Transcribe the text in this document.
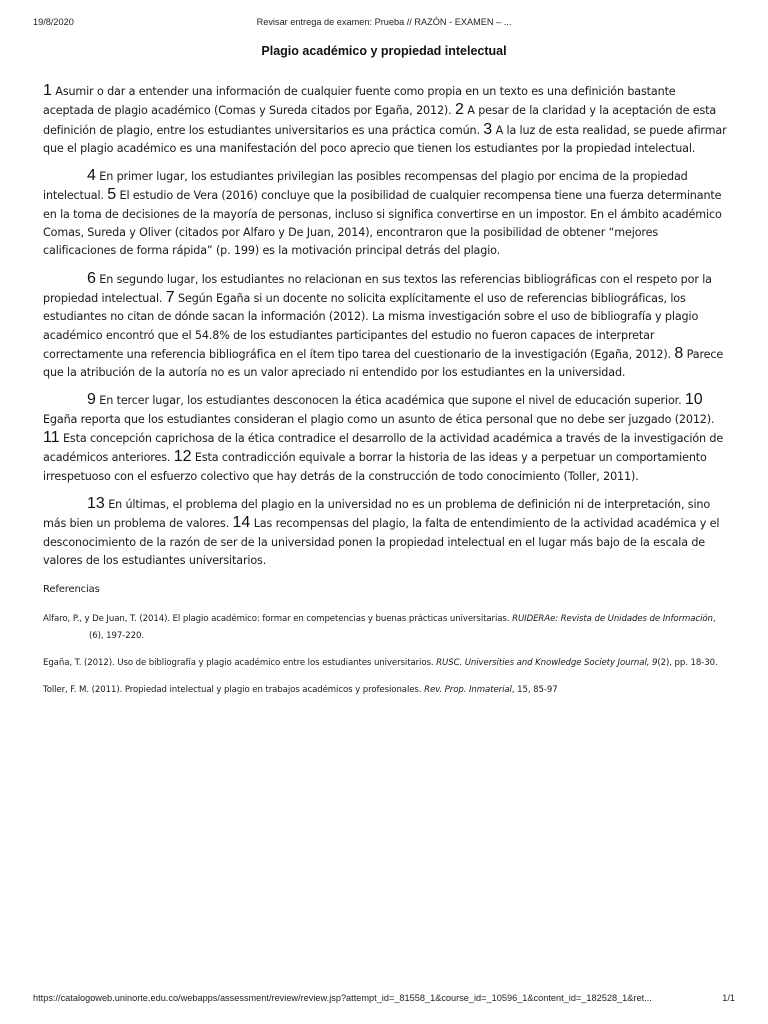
19/8/2020	Revisar entrega de examen: Prueba // RAZÓN - EXAMEN – ...
Plagio académico y propiedad intelectual

1 Asumir o dar a entender una información de cualquier fuente como propia en un texto es una definición bastante aceptada de plagio académico (Comas y Sureda citados por Egaña, 2012). 2 A pesar de la claridad y la aceptación de esta definición de plagio, entre los estudiantes universitarios es una práctica común. 3 A la luz de esta realidad, se puede afirmar que el plagio académico es una manifestación del poco aprecio que tienen los estudiantes por la propiedad intelectual.

4 En primer lugar, los estudiantes privilegian las posibles recompensas del plagio por encima de la propiedad intelectual. 5 El estudio de Vera (2016) concluye que la posibilidad de cualquier recompensa tiene una fuerza determinante en la toma de decisiones de la mayoría de personas, incluso si significa convertirse en un impostor. En el ámbito académico Comas, Sureda y Oliver (citados por Alfaro y De Juan, 2014), encontraron que la posibilidad de obtener “mejores calificaciones de forma rápida” (p. 199) es la motivación principal detrás del plagio.

6 En segundo lugar, los estudiantes no relacionan en sus textos las referencias bibliográficas con el respeto por la propiedad intelectual. 7 Según Egaña si un docente no solicita explícitamente el uso de referencias bibliográficas, los estudiantes no citan de dónde sacan la información (2012). La misma investigación sobre el uso de bibliografía y plagio académico encontró que el 54.8% de los estudiantes participantes del estudio no fueron capaces de interpretar correctamente una referencia bibliográfica en el ítem tipo tarea del cuestionario de la investigación (Egaña, 2012). 8 Parece que la atribución de la autoría no es un valor apreciado ni entendido por los estudiantes en la universidad.

9 En tercer lugar, los estudiantes desconocen la ética académica que supone el nivel de educación superior. 10 Egaña reporta que los estudiantes consideran el plagio como un asunto de ética personal que no debe ser juzgado (2012). 11 Esta concepción caprichosa de la ética contradice el desarrollo de la actividad académica a través de la investigación de académicos anteriores. 12 Esta contradicción equivale a borrar la historia de las ideas y a perpetuar un comportamiento irrespetuoso con el esfuerzo colectivo que hay detrás de la construcción de todo conocimiento (Toller, 2011).

13 En últimas, el problema del plagio en la universidad no es un problema de definición ni de interpretación, sino más bien un problema de valores. 14 Las recompensas del plagio, la falta de entendimiento de la actividad académica y el desconocimiento de la razón de ser de la universidad ponen la propiedad intelectual en el lugar más bajo de la escala de valores de los estudiantes universitarios.

Referencias
Alfaro, P., y De Juan, T. (2014). El plagio académico: formar en competencias y buenas prácticas universitarias. RUIDERAe: Revista de Unidades de Información, (6), 197-220.
Egaña, T. (2012). Uso de bibliografía y plagio académico entre los estudiantes universitarios. RUSC. Universities and Knowledge Society Journal, 9(2), pp. 18-30.
Toller, F. M. (2011). Propiedad intelectual y plagio en trabajos académicos y profesionales. Rev. Prop. Inmaterial, 15, 85-97
https://catalogoweb.uninorte.edu.co/webapps/assessment/review/review.jsp?attempt_id=_81558_1&course_id=_10596_1&content_id=_182528_1&ret...	1/1
